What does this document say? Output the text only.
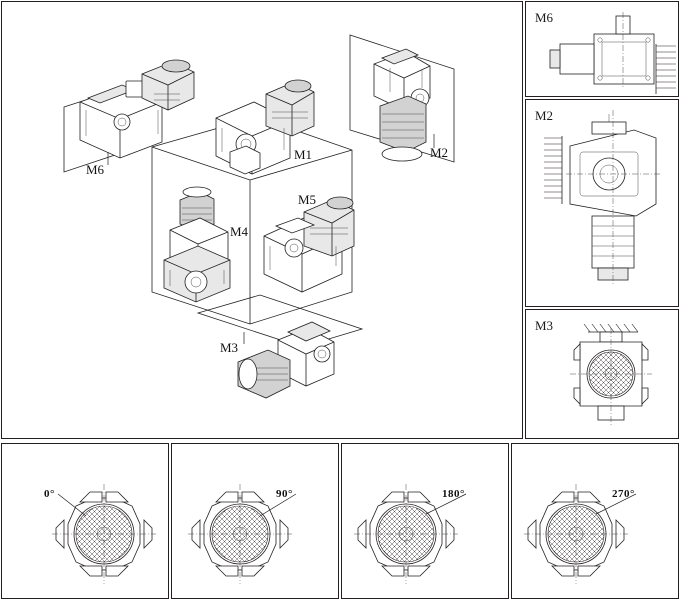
M6
M1	M2
M4
M5
M3
M6
M2
M3
0°	90°	180°	270°
